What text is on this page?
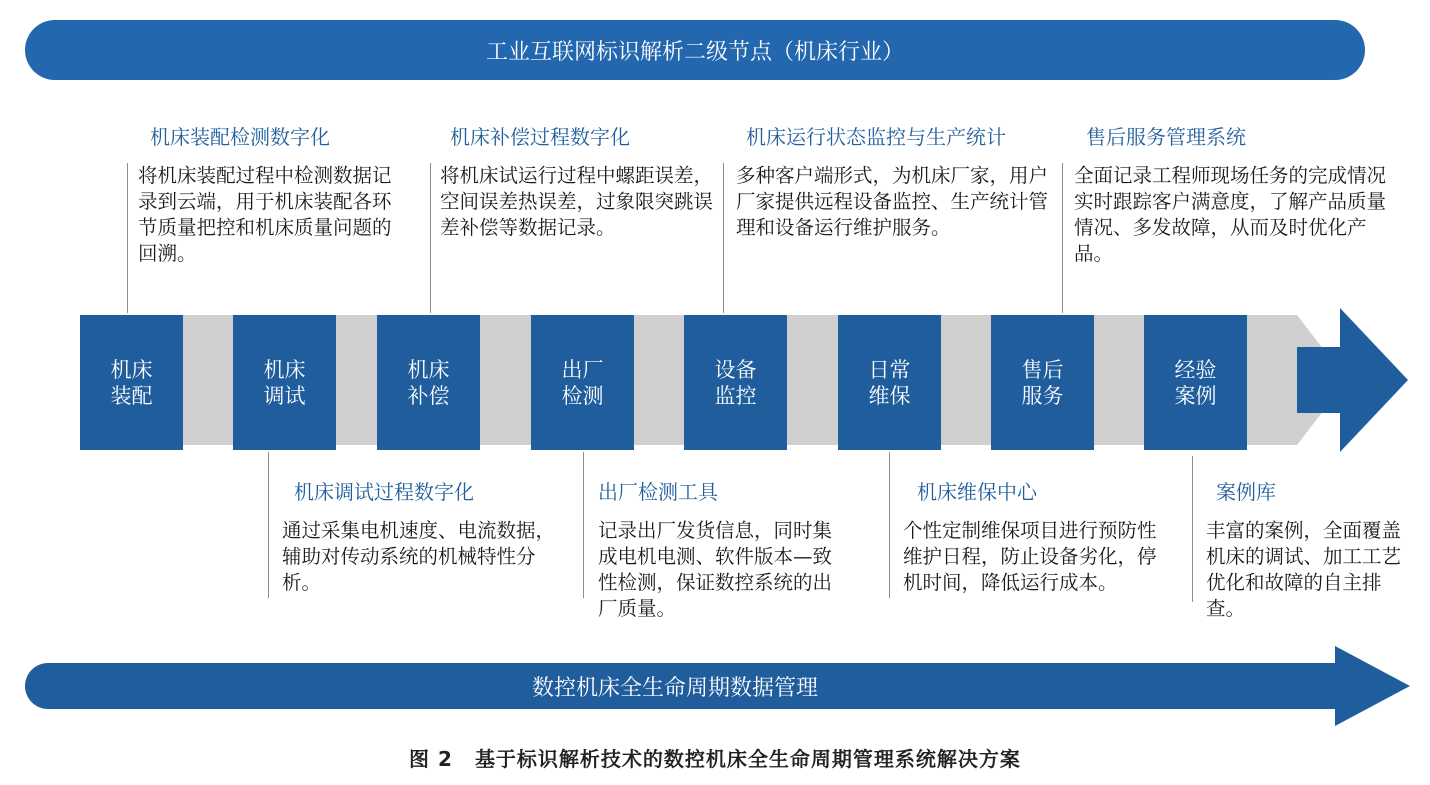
工业互联网标识解析二级节点（机床行业）
机床
装配
机床
调试
机床
补偿
出厂
检测
设备
监控
日常
维保
售后
服务
经验
案例
机床装配检测数字化
将机床装配过程中检测数据记录到云端，用于机床装配各环节质量把控和机床质量问题的回溯。
机床补偿过程数字化
将机床试运行过程中螺距误差，空间误差热误差，过象限突跳误差补偿等数据记录。
机床运行状态监控与生产统计
多种客户端形式，为机床厂家，用户厂家提供远程设备监控、生产统计管理和设备运行维护服务。
售后服务管理系统
全面记录工程师现场任务的完成情况实时跟踪客户满意度，了解产品质量情况、多发故障，从而及时优化产品。
机床调试过程数字化
通过采集电机速度、电流数据，辅助对传动系统的机械特性分析。
出厂检测工具
记录出厂发货信息，同时集成电机电测、软件版本—致性检测，保证数控系统的出厂质量。
机床维保中心
个性定制维保项目进行预防性维护日程，防止设备劣化，停机时间，降低运行成本。
案例库
丰富的案例，全面覆盖机床的调试、加工工艺优化和故障的自主排查。
数控机床全生命周期数据管理
图 2 基于标识解析技术的数控机床全生命周期管理系统解决方案
